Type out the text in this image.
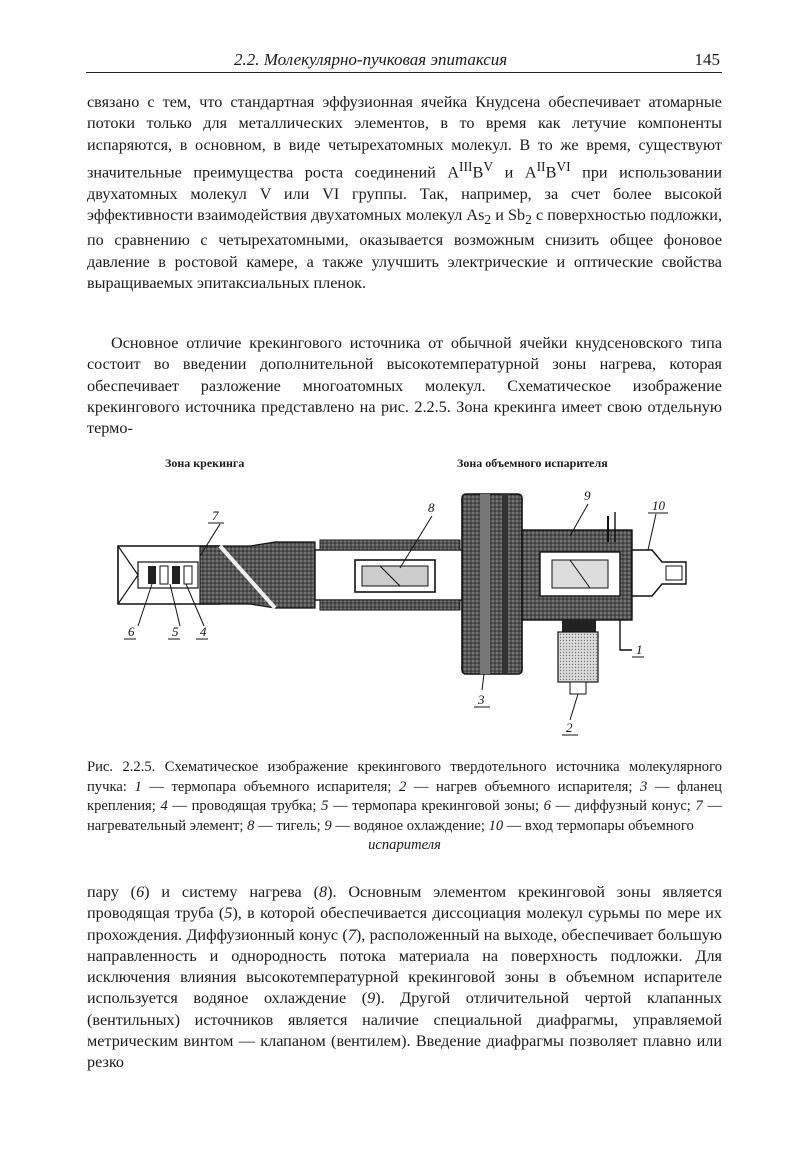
2.2. Молекулярно-пучковая эпитаксия	145

связано с тем, что стандартная эффузионная ячейка Кнудсена обеспечивает атомарные потоки только для металлических элементов, в то время как летучие компоненты испаряются, в основном, в виде четырехатомных молекул. В то же время, существуют значительные преимущества роста соединений $A^{III}B^V$ и $A^{II}B^{VI}$ при использовании двухатомных молекул V или VI группы. Так, например, за счет более высокой эффективности взаимодействия двухатомных молекул $As_2$ и $Sb_2$ с поверхностью подложки, по сравнению с четырехатомными, оказывается возможным снизить общее фоновое давление в ростовой камере, а также улучшить электрические и оптические свойства выращиваемых эпитаксиальных пленок.

Основное отличие крекингового источника от обычной ячейки кнудсеновского типа состоит во введении дополнительной высокотемпературной зоны нагрева, которая обеспечивает разложение многоатомных молекул. Схематическое изображение крекингового источника представлено на рис. 2.2.5. Зона крекинга имеет свою отдельную термо-

Зона крекинга	Зона объемного испарителя
7
8
9
10
6	5 4
1
3
2
Рис. 2.2.5. Схематическое изображение крекингового твердотельного источника молекулярного пучка: 1 — термопара объемного испарителя; 2 — нагрев объемного испарителя; 3 — фланец крепления; 4 — проводящая трубка; 5 — термопара крекинговой зоны; 6 — диффузный конус; 7 — нагревательный элемент; 8 — тигель; 9 — водяное охлаждение; 10 — вход термопары объемного
испарителя

пару (6) и систему нагрева (8). Основным элементом крекинговой зоны является проводящая труба (5), в которой обеспечивается диссоциация молекул сурьмы по мере их прохождения. Диффузионный конус (7), расположенный на выходе, обеспечивает большую направленность и однородность потока материала на поверхность подложки. Для исключения влияния высокотемпературной крекинговой зоны в объемном испарителе используется водяное охлаждение (9). Другой отличительной чертой клапанных (вентильных) источников является наличие специальной диафрагмы, управляемой метрическим винтом — клапаном (вентилем). Введение диафрагмы позволяет плавно или резко
